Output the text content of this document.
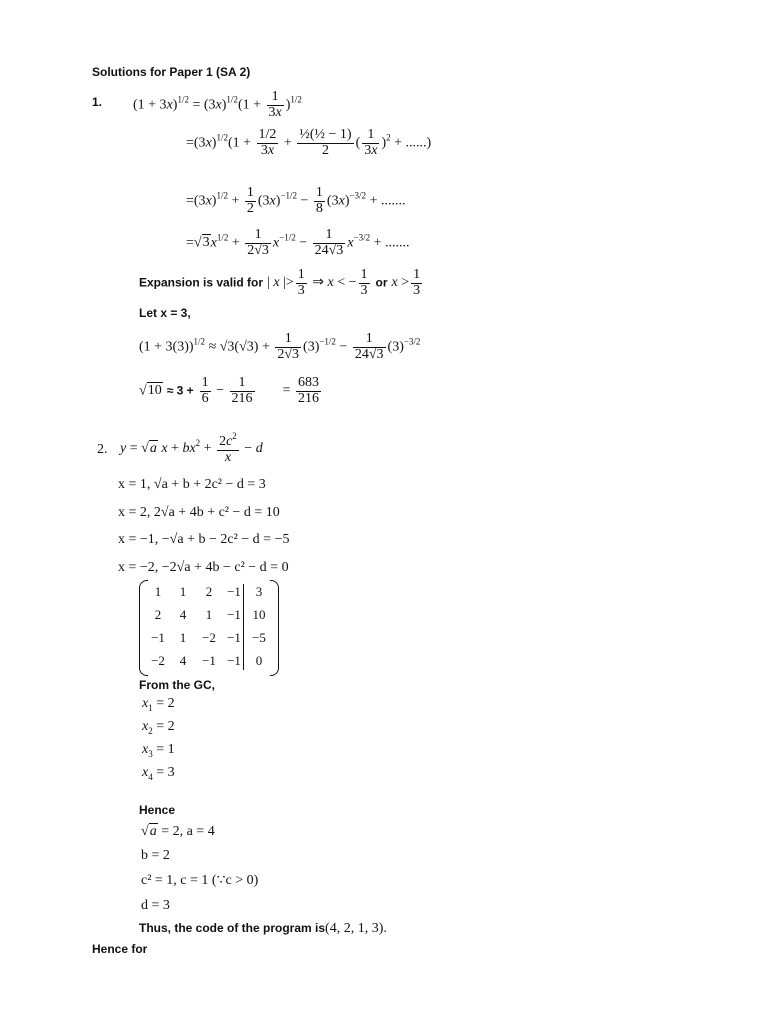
Solutions for Paper 1 (SA 2)
1. $(1 + 3x)^{1/2} = (3x)^{1/2}(1 + \frac{1}{3x} )^{1/2}$
$=(3x)^{1/2}(1 + \frac{1/2}{3x} + \frac{\text{½(½ − 1)}}{2}$ ( $\frac{1}{3x} )^2$ + ......)
$=(3x)^{1/2} + \frac{1}{2} (3x)^{-1/2} - \frac{1}{8} (3x)^{-3/2}$ + .......
$=√3x^{1/2} + \frac{1}{2√3} x^{-1/2} - \frac{1}{24√3} x^{-3/2}$ + .......
Expansion is valid for | x |> $\frac{1}{3}$ ⇒ x < − $\frac{1}{3}$ or $x > \frac{1}{3}$
Let x = 3,
$(1 + 3(3))^{1/2} \approx √3(√3) + \frac{1}{2√3} (3)^{-1/2} - \frac{1}{24√3} (3)^{-3/2}$
$√10 \approx 3 + \frac{1}{6} - \frac{1}{216} = \frac{683}{216}$
2. y = √a $x + bx^2 + \frac{2c^2}{x} - d$
x = 1, √a + b + 2c² − d = 3
x = 2, 2√a + 4b + c² − d = 10
x = −1, −√a + b − 2c² − d = −5
x = −2, −2√a + 4b − c² − d = 0
1	1	2	−1	3
2	4	1	−1 10
−1	1	−2 −1 −5
−2	4	−1 −1	0
From the GC,
$x_1 = 2$
$x_2 = 2$
$x_3 = 1$
$x_4 = 3$
Hence
√a = 2, a = 4
b = 2
c² = 1, c = 1 (∵c > 0)
d = 3
Thus, the code of the program is(4, 2, 1, 3).
Hence for
